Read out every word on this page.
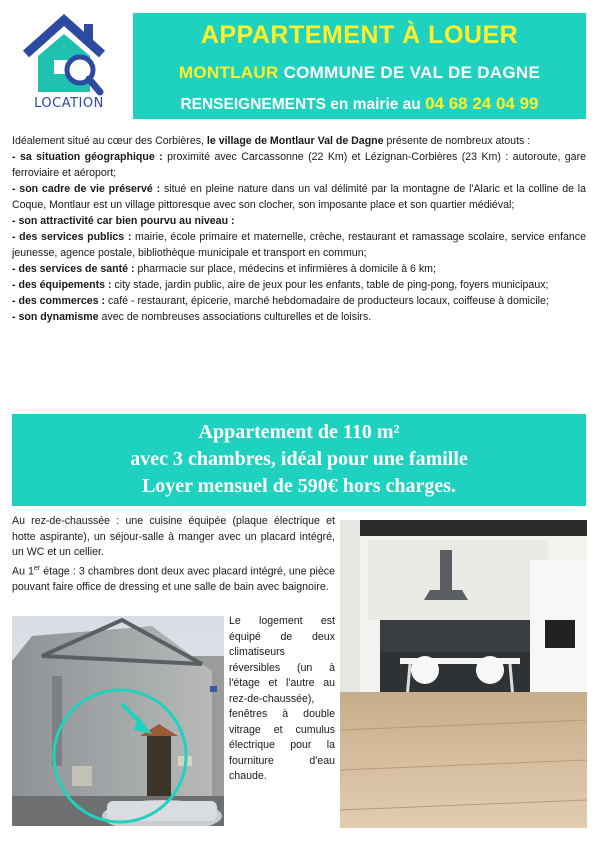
LOCATION
APPARTEMENT À LOUER
MONTLAUR COMMUNE DE VAL DE DAGNE
RENSEIGNEMENTS en mairie au 04 68 24 04 99

Idéalement situé au cœur des Corbières, le village de Montlaur Val de Dagne présente de nombreux atouts :

- sa situation géographique : proximité avec Carcassonne (22 Km) et Lézignan-Corbières (23 Km) : autoroute, gare ferroviaire et aéroport;

- son cadre de vie préservé : situé en pleine nature dans un val délimité par la montagne de l'Alaric et la colline de la Coque, Montlaur est un village pittoresque avec son clocher, son imposante place et son quartier médiéval;

- son attractivité car bien pourvu au niveau :

- des services publics : mairie, école primaire et maternelle, crèche, restaurant et ramassage scolaire, service enfance jeunesse, agence postale, bibliothèque municipale et transport en commun;

- des services de santé : pharmacie sur place, médecins et infirmières à domicile à 6 km;

- des équipements : city stade, jardin public, aire de jeux pour les enfants, table de ping-pong, foyers municipaux;

- des commerces : café - restaurant, épicerie, marché hebdomadaire de producteurs locaux, coiffeuse à domicile;

- son dynamisme avec de nombreuses associations culturelles et de loisirs.

Appartement de 110 m²
avec 3 chambres, idéal pour une famille
Loyer mensuel de 590€ hors charges.

Au rez-de-chaussée : une cuisine équipée (plaque électrique et hotte aspirante), un séjour-salle à manger avec un placard intégré, un WC et un cellier.

Au 1er étage : 3 chambres dont deux avec placard intégré, une pièce pouvant faire office de dressing et une salle de bain avec baignoire.

Le logement est équipé de deux climatiseurs réversibles (un à l'étage et l'autre au rez-de-chaussée), fenêtres à double vitrage et cumulus électrique pour la fourniture d'eau chaude.
